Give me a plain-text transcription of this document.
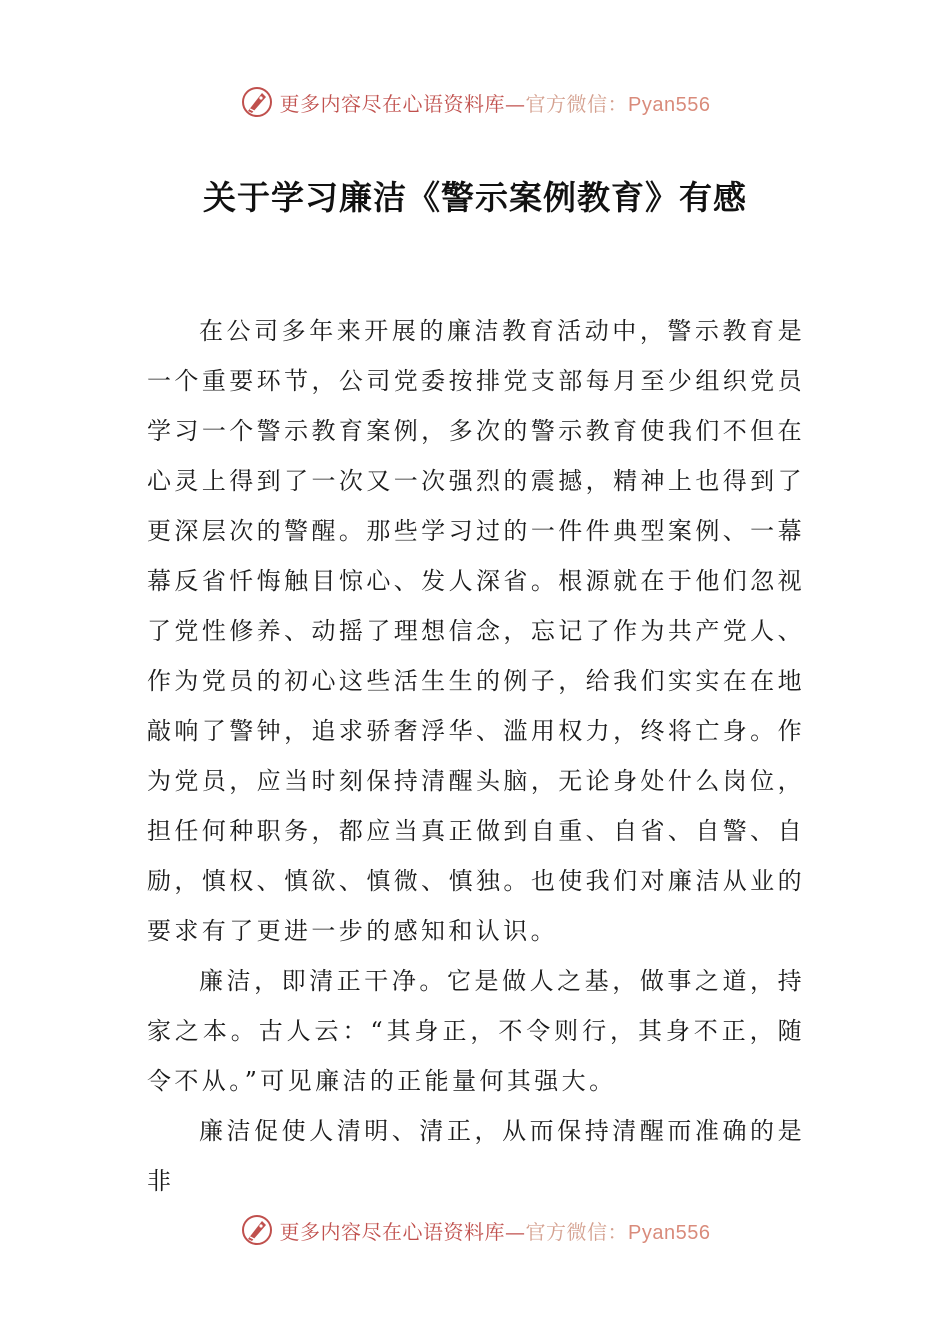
更多内容尽在心语资料库—官方微信：Pyan556
关于学习廉洁《警示案例教育》有感

在公司多年来开展的廉洁教育活动中，警示教育是一个重要环节，公司党委按排党支部每月至少组织党员学习一个警示教育案例，多次的警示教育使我们不但在心灵上得到了一次又一次强烈的震撼，精神上也得到了更深层次的警醒。那些学习过的一件件典型案例、一幕幕反省忏悔触目惊心、发人深省。根源就在于他们忽视了党性修养、动摇了理想信念，忘记了作为共产党人、作为党员的初心这些活生生的例子，给我们实实在在地敲响了警钟，追求骄奢浮华、滥用权力，终将亡身。作为党员，应当时刻保持清醒头脑，无论身处什么岗位，担任何种职务，都应当真正做到自重、自省、自警、自励，慎权、慎欲、慎微、慎独。也使我们对廉洁从业的要求有了更进一步的感知和认识。

廉洁，即清正干净。它是做人之基，做事之道，持家之本。古人云：“其身正，不令则行，其身不正，随令不从。”可见廉洁的正能量何其强大。

廉洁促使人清明、清正，从而保持清醒而准确的是非

更多内容尽在心语资料库—官方微信：Pyan556
